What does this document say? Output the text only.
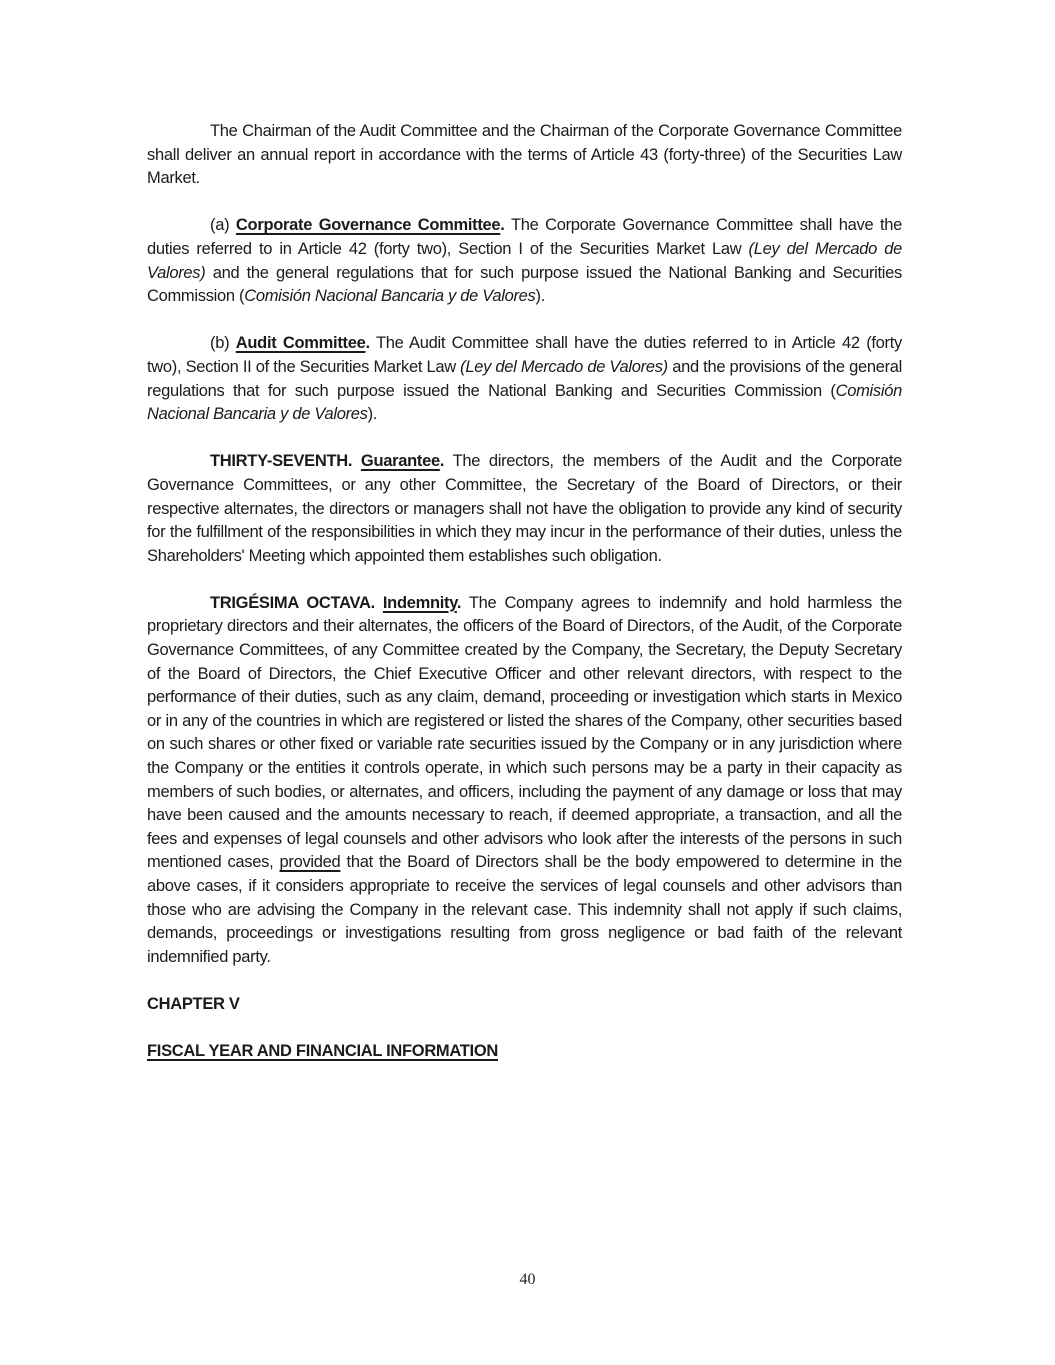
The Chairman of the Audit Committee and the Chairman of the Corporate Governance Committee shall deliver an annual report in accordance with the terms of Article 43 (forty-three) of the Securities Law Market.

(a) Corporate Governance Committee. The Corporate Governance Committee shall have the duties referred to in Article 42 (forty two), Section I of the Securities Market Law (Ley del Mercado de Valores) and the general regulations that for such purpose issued the National Banking and Securities Commission (Comisión Nacional Bancaria y de Valores).

(b) Audit Committee. The Audit Committee shall have the duties referred to in Article 42 (forty two), Section II of the Securities Market Law (Ley del Mercado de Valores) and the provisions of the general regulations that for such purpose issued the National Banking and Securities Commission (Comisión Nacional Bancaria y de Valores).

THIRTY-SEVENTH. Guarantee. The directors, the members of the Audit and the Corporate Governance Committees, or any other Committee, the Secretary of the Board of Directors, or their respective alternates, the directors or managers shall not have the obligation to provide any kind of security for the fulfillment of the responsibilities in which they may incur in the performance of their duties, unless the Shareholders' Meeting which appointed them establishes such obligation.

TRIGÉSIMA OCTAVA. Indemnity. The Company agrees to indemnify and hold harmless the proprietary directors and their alternates, the officers of the Board of Directors, of the Audit, of the Corporate Governance Committees, of any Committee created by the Company, the Secretary, the Deputy Secretary of the Board of Directors, the Chief Executive Officer and other relevant directors, with respect to the performance of their duties, such as any claim, demand, proceeding or investigation which starts in Mexico or in any of the countries in which are registered or listed the shares of the Company, other securities based on such shares or other fixed or variable rate securities issued by the Company or in any jurisdiction where the Company or the entities it controls operate, in which such persons may be a party in their capacity as members of such bodies, or alternates, and officers, including the payment of any damage or loss that may have been caused and the amounts necessary to reach, if deemed appropriate, a transaction, and all the fees and expenses of legal counsels and other advisors who look after the interests of the persons in such mentioned cases, provided that the Board of Directors shall be the body empowered to determine in the above cases, if it considers appropriate to receive the services of legal counsels and other advisors than those who are advising the Company in the relevant case. This indemnity shall not apply if such claims, demands, proceedings or investigations resulting from gross negligence or bad faith of the relevant indemnified party.

CHAPTER V

FISCAL YEAR AND FINANCIAL INFORMATION

40
